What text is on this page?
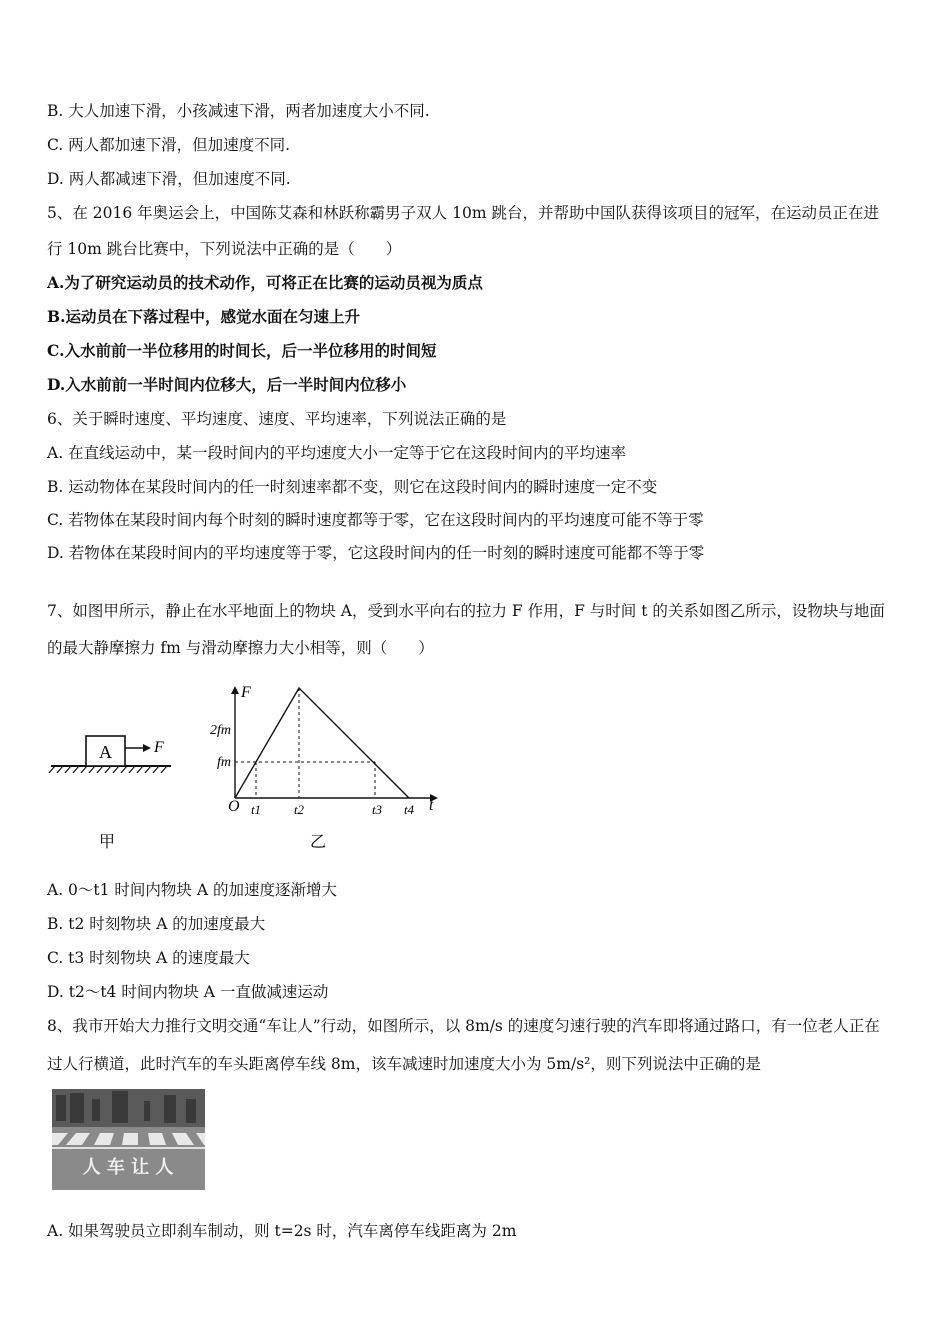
B. 大人加速下滑，小孩减速下滑，两者加速度大小不同.
C. 两人都加速下滑，但加速度不同.
D. 两人都减速下滑，但加速度不同.
5、在 2016 年奥运会上，中国陈艾森和林跃称霸男子双人 10m 跳台，并帮助中国队获得该项目的冠军，在运动员正在进
行 10m 跳台比赛中，下列说法中正确的是（　　）
A.为了研究运动员的技术动作，可将正在比赛的运动员视为质点
B.运动员在下落过程中，感觉水面在匀速上升
C.入水前前一半位移用的时间长，后一半位移用的时间短
D.入水前前一半时间内位移大，后一半时间内位移小
6、关于瞬时速度、平均速度、速度、平均速率，下列说法正确的是
A. 在直线运动中，某一段时间内的平均速度大小一定等于它在这段时间内的平均速率
B. 运动物体在某段时间内的任一时刻速率都不变，则它在这段时间内的瞬时速度一定不变
C. 若物体在某段时间内每个时刻的瞬时速度都等于零，它在这段时间内的平均速度可能不等于零
D. 若物体在某段时间内的平均速度等于零，它这段时间内的任一时刻的瞬时速度可能都不等于零
7、如图甲所示，静止在水平地面上的物块 A，受到水平向右的拉力 F 作用，F 与时间 t 的关系如图乙所示，设物块与地面
的最大静摩擦力 fm 与滑动摩擦力大小相等，则（　　）
A	F
甲
F
t
O
2fm
fm
t1	t2	t3 t4
乙
A. 0～t1 时间内物块 A 的加速度逐渐增大
B. t2 时刻物块 A 的加速度最大
C. t3 时刻物块 A 的速度最大
D. t2～t4 时间内物块 A 一直做减速运动
8、我市开始大力推行文明交通“车让人”行动，如图所示，以 8m/s 的速度匀速行驶的汽车即将通过路口，有一位老人正在
过人行横道，此时汽车的车头距离停车线 8m，该车减速时加速度大小为 5m/s²，则下列说法中正确的是
人 车 让 人
A. 如果驾驶员立即刹车制动，则 t=2s 时，汽车离停车线距离为 2m
